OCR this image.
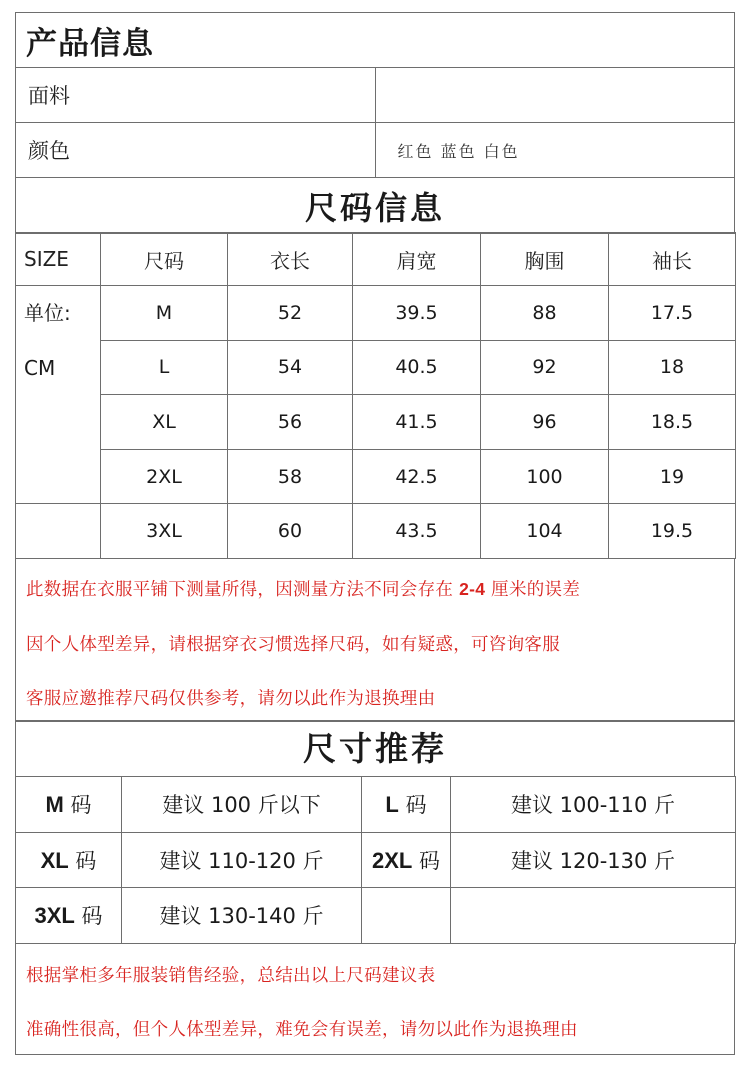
产品信息	
面料	
颜色	红色 蓝色 白色
尺码信息	
SIZE	尺码	衣长	肩宽	胸围	袖长

单位:
CM	M	52	39.5	88	17.5
	L	54	40.5	92	18
	XL	56	41.5	96	18.5
	2XL	58	42.5	100	19
	3XL	60	43.5	104	19.5
此数据在衣服平铺下测量所得，因测量方法不同会存在 2-4 厘米的误差
因个人体型差异，请根据穿衣习惯选择尺码，如有疑惑，可咨询客服
客服应邀推荐尺码仅供参考，请勿以此作为退换理由
尺寸推荐
M 码	建议 100 斤以下	L 码	建议 100-110 斤
XL 码	建议 110-120 斤	2XL 码	建议 120-130 斤
3XL 码	建议 130-140 斤		
根据掌柜多年服装销售经验，总结出以上尺码建议表
准确性很高，但个人体型差异，难免会有误差，请勿以此作为退换理由
